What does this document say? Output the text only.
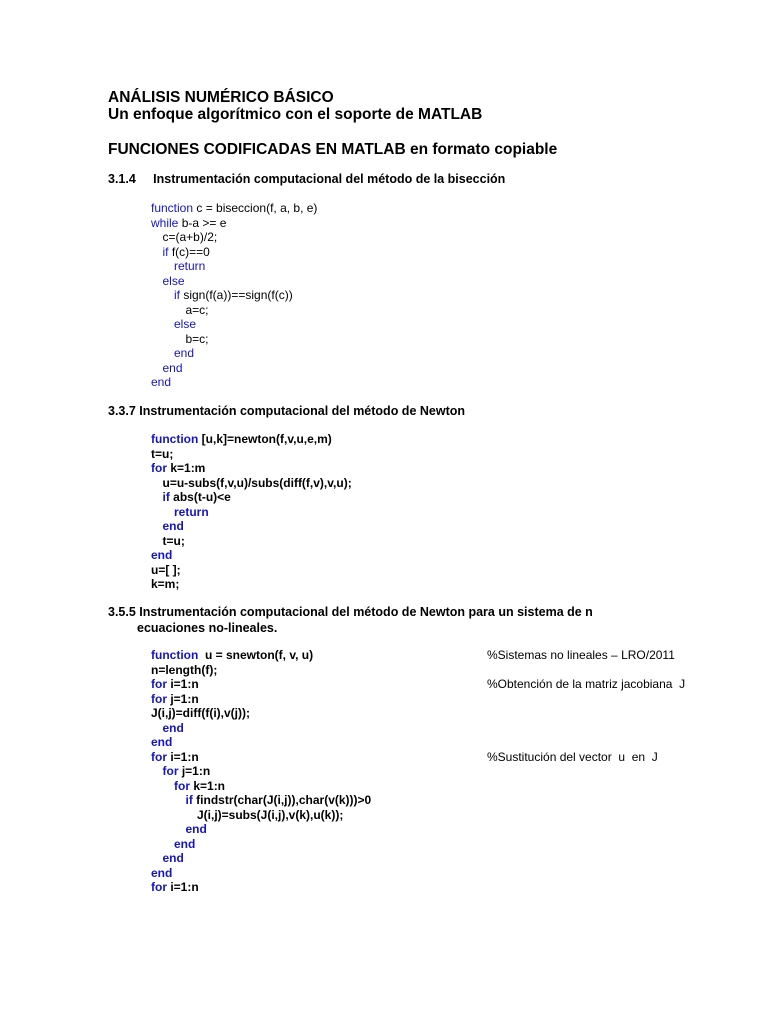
ANÁLISIS NUMÉRICO BÁSICO
Un enfoque algorítmico con el soporte de MATLAB
FUNCIONES CODIFICADAS EN MATLAB en formato copiable
3.1.4     Instrumentación computacional del método de la bisección
function c = biseccion(f, a, b, e)
while b-a >= e
c=(a+b)/2;
if f(c)==0
return
else
if sign(f(a))==sign(f(c))
a=c;
else
b=c;
end
end
end
3.3.7 Instrumentación computacional del método de Newton
function [u,k]=newton(f,v,u,e,m)
t=u;
for k=1:m
u=u-subs(f,v,u)/subs(diff(f,v),v,u);
if abs(t-u)<e
return
end
t=u;
end
u=[ ];
k=m;
3.5.5 Instrumentación computacional del método de Newton para un sistema de n
ecuaciones no-lineales.
function  u = snewton(f, v, u)	%Sistemas no lineales – LRO/2011
n=length(f);
for i=1:n	%Obtención de la matriz jacobiana  J
for j=1:n
J(i,j)=diff(f(i),v(j));
end
end
for i=1:n	%Sustitución del vector  u  en  J
for j=1:n
for k=1:n
if findstr(char(J(i,j)),char(v(k)))>0
J(i,j)=subs(J(i,j),v(k),u(k));
end
end
end
end
for i=1:n
